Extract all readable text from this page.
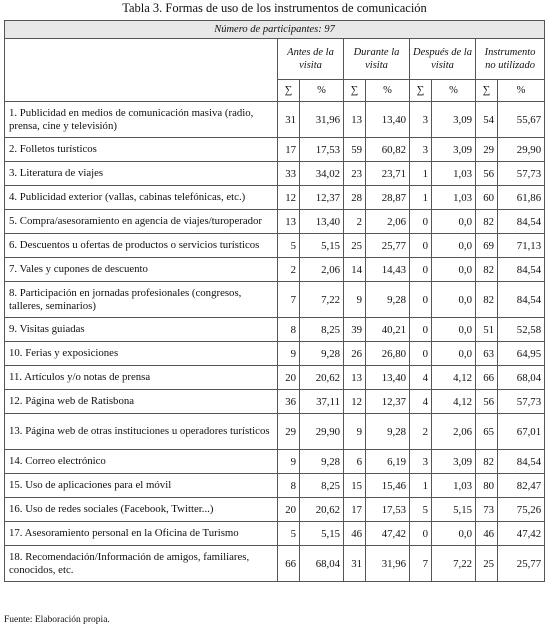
Tabla 3. Formas de uso de los instrumentos de comunicación
Número de participantes: 97								
	Antes de la visita		Durante la visita		Después de la visita		Instrumento no utilizado	
	∑	%	∑	%	∑	%	∑	%
1. Publicidad en medios de comunicación masiva (radio, prensa, cine y televisión)	31	31,96	13	13,40	3	3,09	54	55,67
2. Folletos turísticos	17	17,53	59	60,82	3	3,09	29	29,90
3. Literatura de viajes	33	34,02	23	23,71	1	1,03	56	57,73
4. Publicidad exterior (vallas, cabinas telefónicas, etc.)	12	12,37	28	28,87	1	1,03	60	61,86
5. Compra/asesoramiento en agencia de viajes/turoperador	13	13,40	2	2,06	0	0,0	82	84,54
6. Descuentos u ofertas de productos o servicios turísticos	5	5,15	25	25,77	0	0,0	69	71,13
7. Vales y cupones de descuento	2	2,06	14	14,43	0	0,0	82	84,54
8. Participación en jornadas profesionales (congresos, talleres, seminarios)	7	7,22	9	9,28	0	0,0	82	84,54
9. Visitas guiadas	8	8,25	39	40,21	0	0,0	51	52,58
10. Ferias y exposiciones	9	9,28	26	26,80	0	0,0	63	64,95
11. Artículos y/o notas de prensa	20	20,62	13	13,40	4	4,12	66	68,04
12. Página web de Ratisbona	36	37,11	12	12,37	4	4,12	56	57,73
13. Página web de otras instituciones u operadores turísticos	29	29,90	9	9,28	2	2,06	65	67,01
14. Correo electrónico	9	9,28	6	6,19	3	3,09	82	84,54
15. Uso de aplicaciones para el móvil	8	8,25	15	15,46	1	1,03	80	82,47
16. Uso de redes sociales (Facebook, Twitter...)	20	20,62	17	17,53	5	5,15	73	75,26
17. Asesoramiento personal en la Oficina de Turismo	5	5,15	46	47,42	0	0,0	46	47,42
18. Recomendación/Información de amigos, familiares, conocidos, etc.	66	68,04	31	31,96	7	7,22	25	25,77
Fuente: Elaboración propia.
